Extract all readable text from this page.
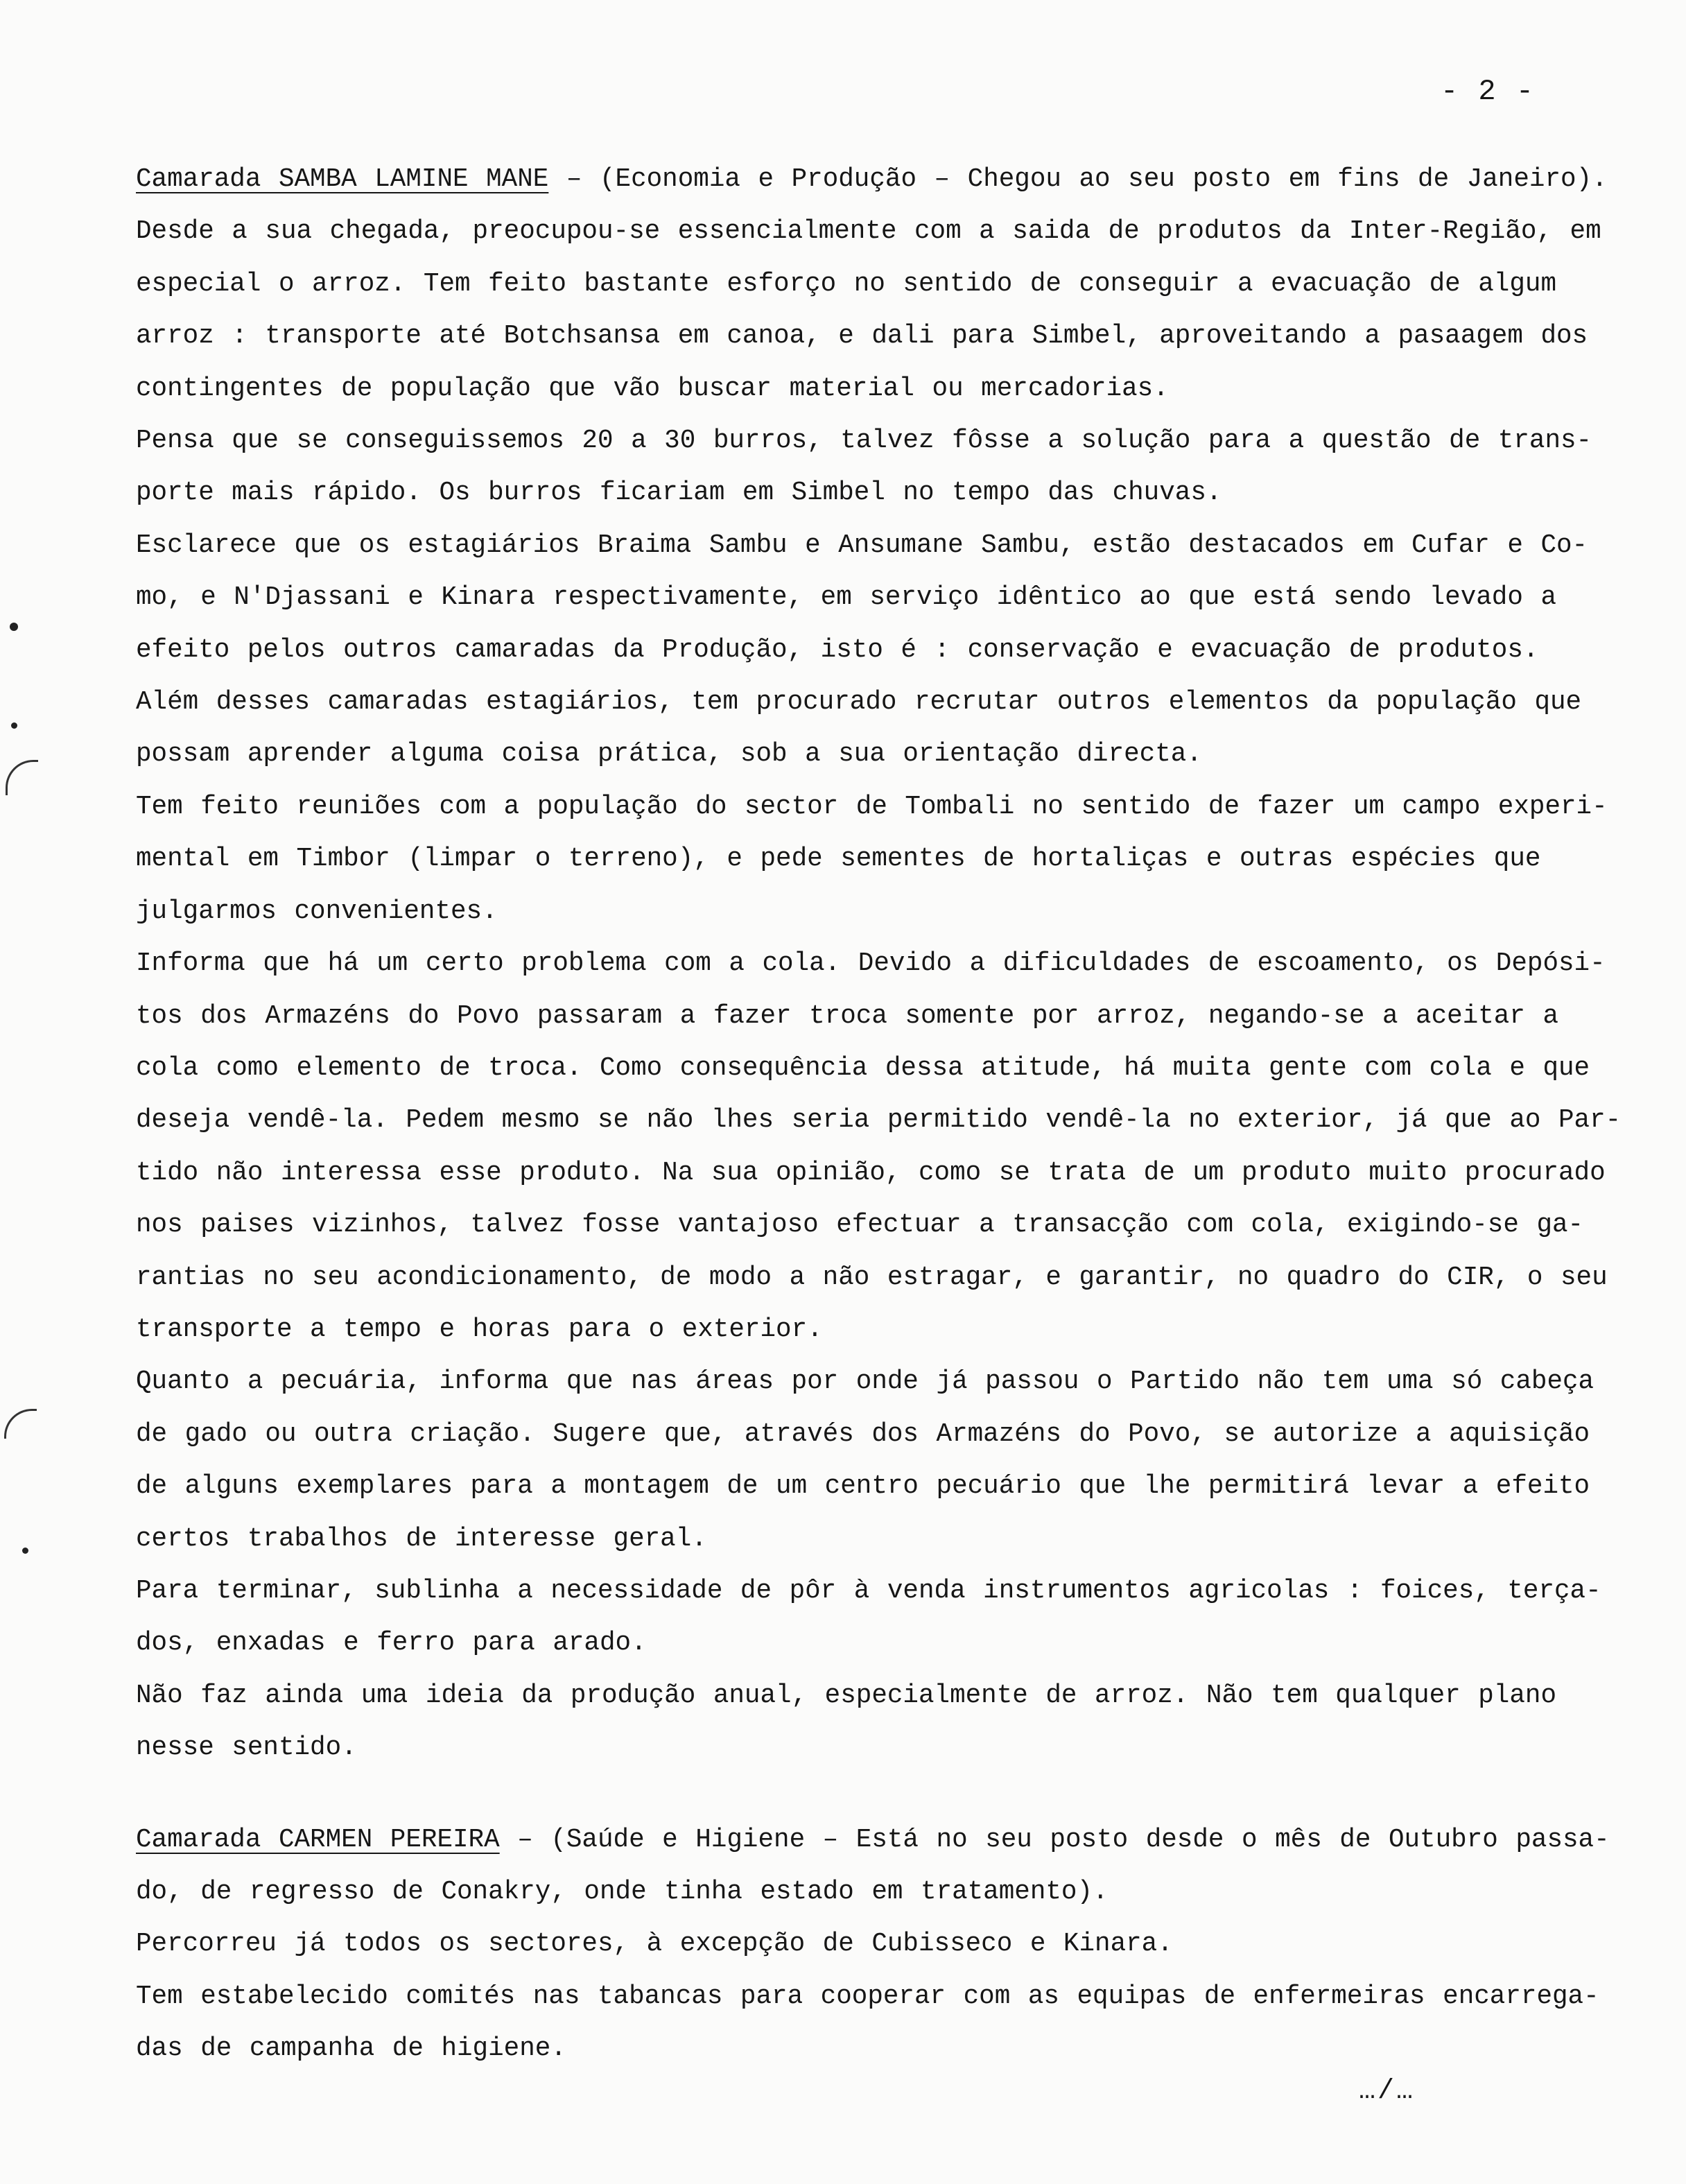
- 2 -
Camarada SAMBA LAMINE MANE – (Economia e Produção – Chegou ao seu posto em fins de Janeiro).
Desde a sua chegada, preocupou-se essencialmente com a saida de produtos da Inter-Região, em
especial o arroz. Tem feito bastante esforço no sentido de conseguir a evacuação de algum
arroz : transporte até Botchsansa em canoa, e dali para Simbel, aproveitando a pasaagem dos
contingentes de população que vão buscar material ou mercadorias.
Pensa que se conseguissemos 20 a 30 burros, talvez fôsse a solução para a questão de trans-
porte mais rápido. Os burros ficariam em Simbel no tempo das chuvas.
Esclarece que os estagiários Braima Sambu e Ansumane Sambu, estão destacados em Cufar e Co-
mo, e N'Djassani e Kinara respectivamente, em serviço idêntico ao que está sendo levado a
efeito pelos outros camaradas da Produção, isto é : conservação e evacuação de produtos.
Além desses camaradas estagiários, tem procurado recrutar outros elementos da população que
possam aprender alguma coisa prática, sob a sua orientação directa.
Tem feito reuniões com a população do sector de Tombali no sentido de fazer um campo experi-
mental em Timbor (limpar o terreno), e pede sementes de hortaliças e outras espécies que
julgarmos convenientes.
Informa que há um certo problema com a cola. Devido a dificuldades de escoamento, os Depósi-
tos dos Armazéns do Povo passaram a fazer troca somente por arroz, negando-se a aceitar a
cola como elemento de troca. Como consequência dessa atitude, há muita gente com cola e que
deseja vendê-la. Pedem mesmo se não lhes seria permitido vendê-la no exterior, já que ao Par-
tido não interessa esse produto. Na sua opinião, como se trata de um produto muito procurado
nos paises vizinhos, talvez fosse vantajoso efectuar a transacção com cola, exigindo-se ga-
rantias no seu acondicionamento, de modo a não estragar, e garantir, no quadro do CIR, o seu
transporte a tempo e horas para o exterior.
Quanto a pecuária, informa que nas áreas por onde já passou o Partido não tem uma só cabeça
de gado ou outra criação. Sugere que, através dos Armazéns do Povo, se autorize a aquisição
de alguns exemplares para a montagem de um centro pecuário que lhe permitirá levar a efeito
certos trabalhos de interesse geral.
Para terminar, sublinha a necessidade de pôr à venda instrumentos agricolas : foices, terça-
dos, enxadas e ferro para arado.
Não faz ainda uma ideia da produção anual, especialmente de arroz. Não tem qualquer plano
nesse sentido.
Camarada CARMEN PEREIRA – (Saúde e Higiene – Está no seu posto desde o mês de Outubro passa-
do, de regresso de Conakry, onde tinha estado em tratamento).
Percorreu já todos os sectores, à excepção de Cubisseco e Kinara.
Tem estabelecido comités nas tabancas para cooperar com as equipas de enfermeiras encarrega-
das de campanha de higiene.
…/…
